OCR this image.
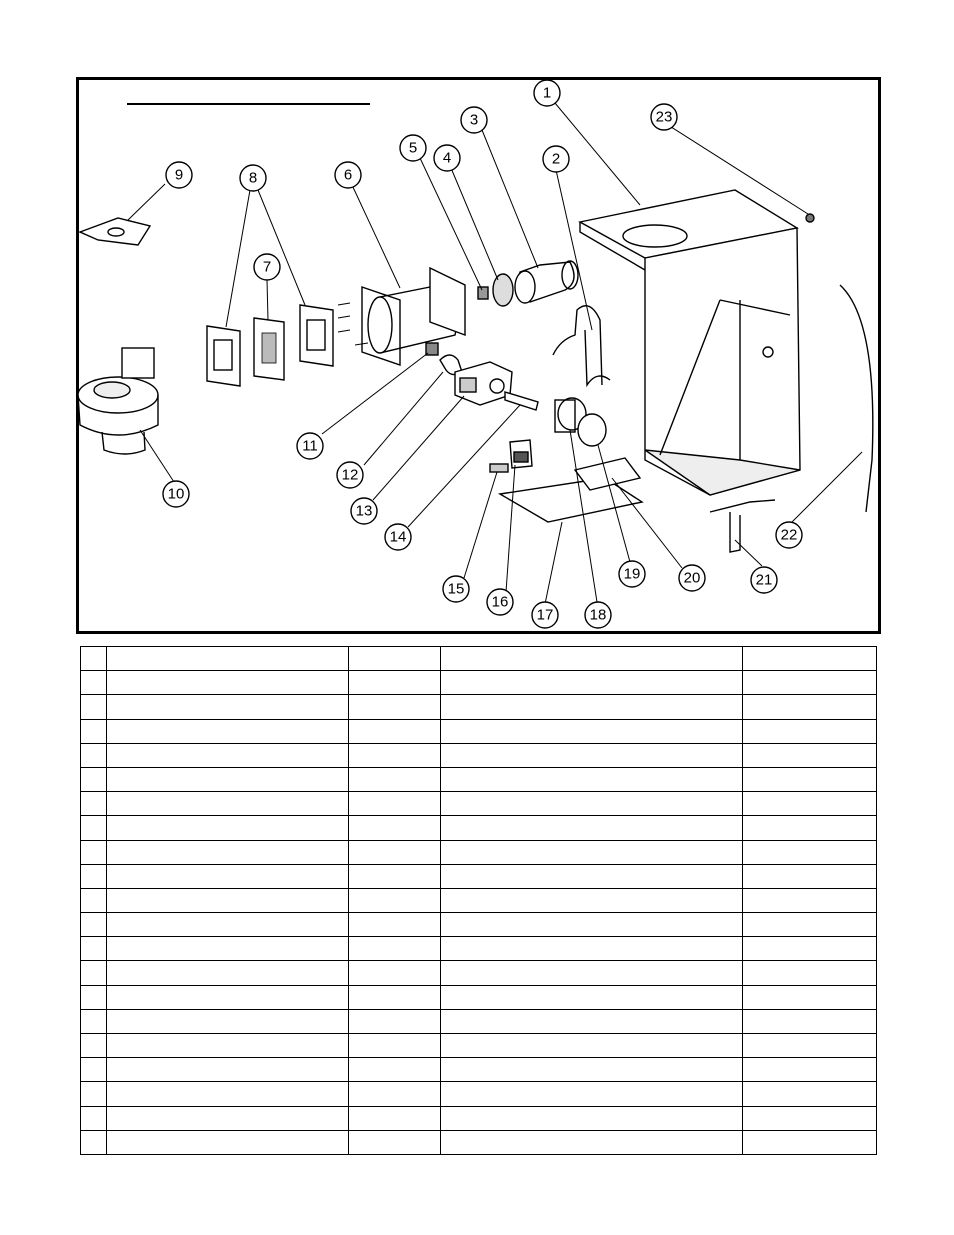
1
2
3
4
5
6
7
8
9
10
11
12
13
14
15
16
17 18
19	20	21
22
23
